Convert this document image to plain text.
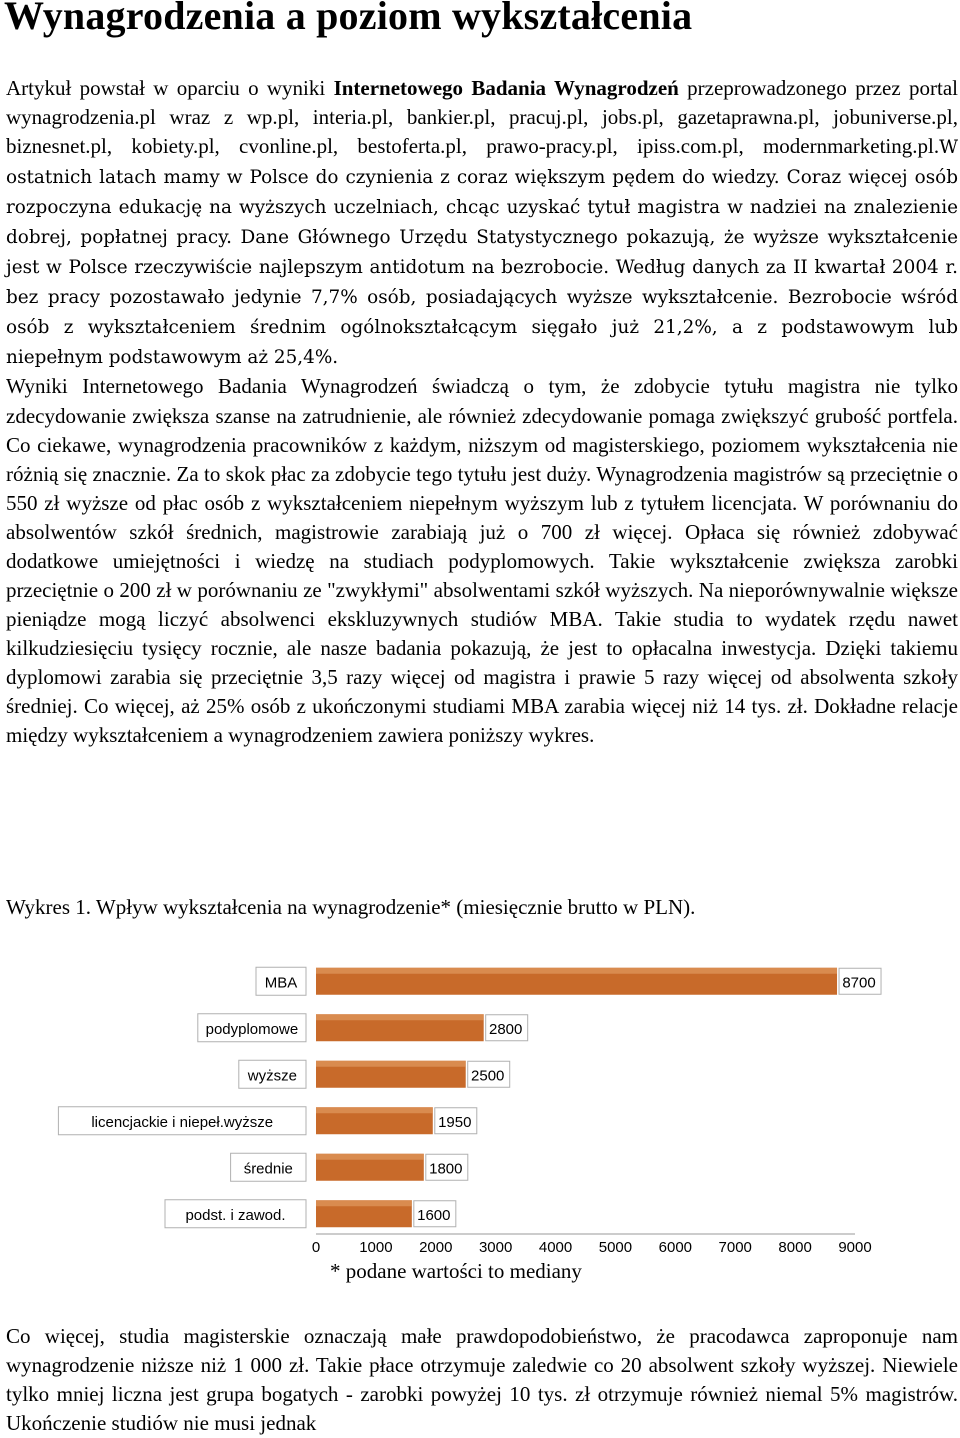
Wynagrodzenia a poziom wykształcenia

Artykuł powstał w oparciu o wyniki Internetowego Badania Wynagrodzeń przeprowadzonego przez portal wynagrodzenia.pl wraz z wp.pl, interia.pl, bankier.pl, pracuj.pl, jobs.pl, gazetaprawna.pl, jobuniverse.pl, biznesnet.pl, kobiety.pl, cvonline.pl, bestoferta.pl, prawo-pracy.pl, ipiss.com.pl, modernmarketing.pl.W ostatnich latach mamy w Polsce do czynienia z coraz większym pędem do wiedzy. Coraz więcej osób rozpoczyna edukację na wyższych uczelniach, chcąc uzyskać tytuł magistra w nadziei na znalezienie dobrej, popłatnej pracy. Dane Głównego Urzędu Statystycznego pokazują, że wyższe wykształcenie jest w Polsce rzeczywiście najlepszym antidotum na bezrobocie. Według danych za II kwartał 2004 r. bez pracy pozostawało jedynie 7,7% osób, posiadających wyższe wykształcenie. Bezrobocie wśród osób z wykształceniem średnim ogólnokształcącym sięgało już 21,2%, a z podstawowym lub niepełnym podstawowym aż 25,4%.
Wyniki Internetowego Badania Wynagrodzeń świadczą o tym, że zdobycie tytułu magistra nie tylko zdecydowanie zwiększa szanse na zatrudnienie, ale również zdecydowanie pomaga zwiększyć grubość portfela. Co ciekawe, wynagrodzenia pracowników z każdym, niższym od magisterskiego, poziomem wykształcenia nie różnią się znacznie. Za to skok płac za zdobycie tego tytułu jest duży. Wynagrodzenia magistrów są przeciętnie o 550 zł wyższe od płac osób z wykształceniem niepełnym wyższym lub z tytułem licencjata. W porównaniu do absolwentów szkół średnich, magistrowie zarabiają już o 700 zł więcej. Opłaca się również zdobywać dodatkowe umiejętności i wiedzę na studiach podyplomowych. Takie wykształcenie zwiększa zarobki przeciętnie o 200 zł w porównaniu ze "zwykłymi" absolwentami szkół wyższych. Na nieporównywalnie większe pieniądze mogą liczyć absolwenci ekskluzywnych studiów MBA. Takie studia to wydatek rzędu nawet kilkudziesięciu tysięcy rocznie, ale nasze badania pokazują, że jest to opłacalna inwestycja. Dzięki takiemu dyplomowi zarabia się przeciętnie 3,5 razy więcej od magistra i prawie 5 razy więcej od absolwenta szkoły średniej. Co więcej, aż 25% osób z ukończonymi studiami MBA zarabia więcej niż 14 tys. zł. Dokładne relacje między wykształceniem a wynagrodzeniem zawiera poniższy wykres.

Wykres 1. Wpływ wykształcenia na wynagrodzenie* (miesięcznie brutto w PLN).
MBA	8700
podyplomowe	2800
wyższe	2500
licencjackie i niepeł.wyższe	1950
średnie	1800
podst. i zawod.	1600
0	1000 2000 3000 4000 5000 6000 7000 8000 9000
* podane wartości to mediany

Co więcej, studia magisterskie oznaczają małe prawdopodobieństwo, że pracodawca zaproponuje nam wynagrodzenie niższe niż 1 000 zł. Takie płace otrzymuje zaledwie co 20 absolwent szkoły wyższej. Niewiele tylko mniej liczna jest grupa bogatych - zarobki powyżej 10 tys. zł otrzymuje również niemal 5% magistrów. Ukończenie studiów nie musi jednak
